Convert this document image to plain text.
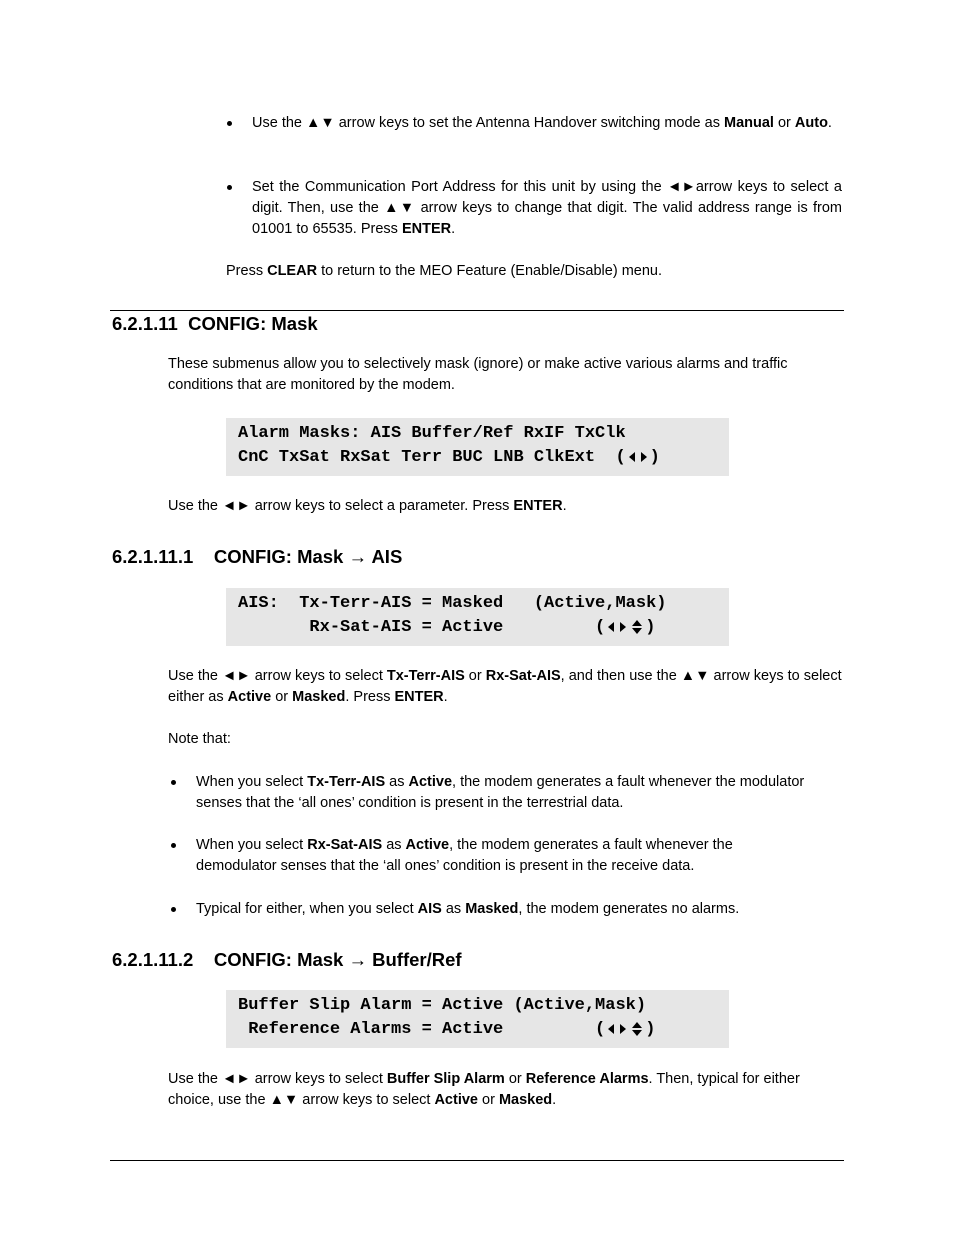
Use the ▲▼ arrow keys to set the Antenna Handover switching mode as Manual or Auto.
Set the Communication Port Address for this unit by using the ◄►arrow keys to select a digit. Then, use the ▲▼ arrow keys to change that digit. The valid address range is from 01001 to 65535. Press ENTER.
Press CLEAR to return to the MEO Feature (Enable/Disable) menu.
6.2.1.11  CONFIG: Mask
These submenus allow you to selectively mask (ignore) or make active various alarms and traffic conditions that are monitored by the modem.

Alarm Masks: AIS Buffer/Ref RxIF TxClk

CnC TxSat RxSat Terr BUC LNB ClkExt  ( )

Use the ◄► arrow keys to select a parameter. Press ENTER.
6.2.1.11.1    CONFIG: Mask → AIS

AIS:  Tx-Terr-AIS = Masked   (Active,Mask)

Rx-Sat-AIS = Active         ( )

Use the ◄► arrow keys to select Tx-Terr-AIS or Rx-Sat-AIS, and then use the ▲▼ arrow keys to select either as Active or Masked. Press ENTER.
Note that:
When you select Tx-Terr-AIS as Active, the modem generates a fault whenever the modulator senses that the ‘all ones’ condition is present in the terrestrial data.
When you select Rx-Sat-AIS as Active, the modem generates a fault whenever the demodulator senses that the ‘all ones’ condition is present in the receive data.
Typical for either, when you select AIS as Masked, the modem generates no alarms.
6.2.1.11.2    CONFIG: Mask → Buffer/Ref

Buffer Slip Alarm = Active (Active,Mask)

Reference Alarms = Active         ( )

Use the ◄► arrow keys to select Buffer Slip Alarm or Reference Alarms. Then, typical for either choice, use the ▲▼ arrow keys to select Active or Masked.
